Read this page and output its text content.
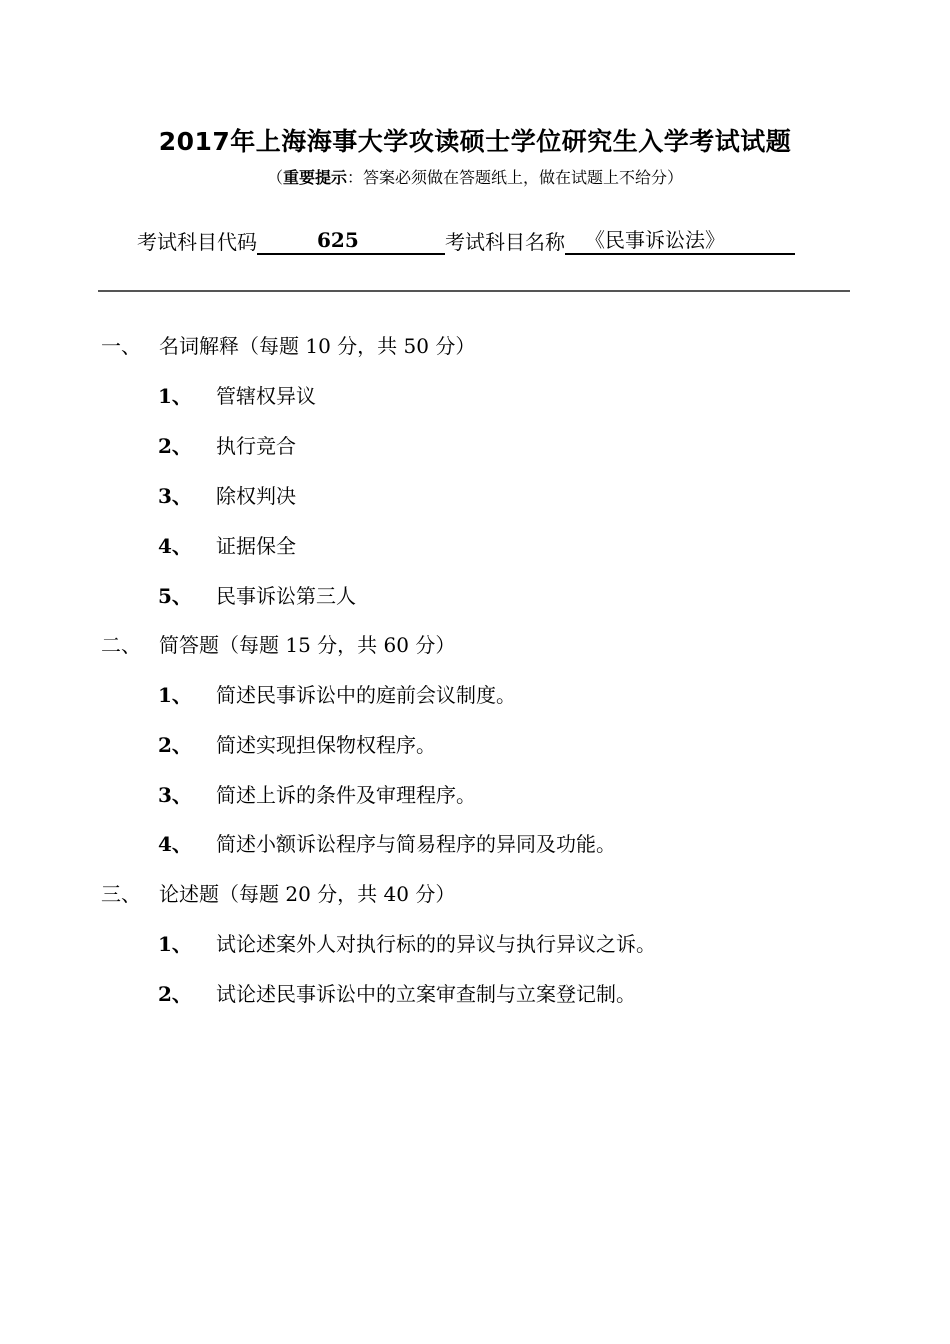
2017年上海海事大学攻读硕士学位研究生入学考试试题
（重要提示：答案必须做在答题纸上，做在试题上不给分）
考试科目代码	625	考试科目名称 《民事诉讼法》
一、 名词解释（每题 10 分，共 50 分）
1、 管辖权异议
2、 执行竞合
3、 除权判决
4、 证据保全
5、 民事诉讼第三人
二、 简答题（每题 15 分，共 60 分）
1、 简述民事诉讼中的庭前会议制度。
2、 简述实现担保物权程序。
3、 简述上诉的条件及审理程序。
4、 简述小额诉讼程序与简易程序的异同及功能。
三、 论述题（每题 20 分，共 40 分）
1、 试论述案外人对执行标的的异议与执行异议之诉。
2、 试论述民事诉讼中的立案审查制与立案登记制。
